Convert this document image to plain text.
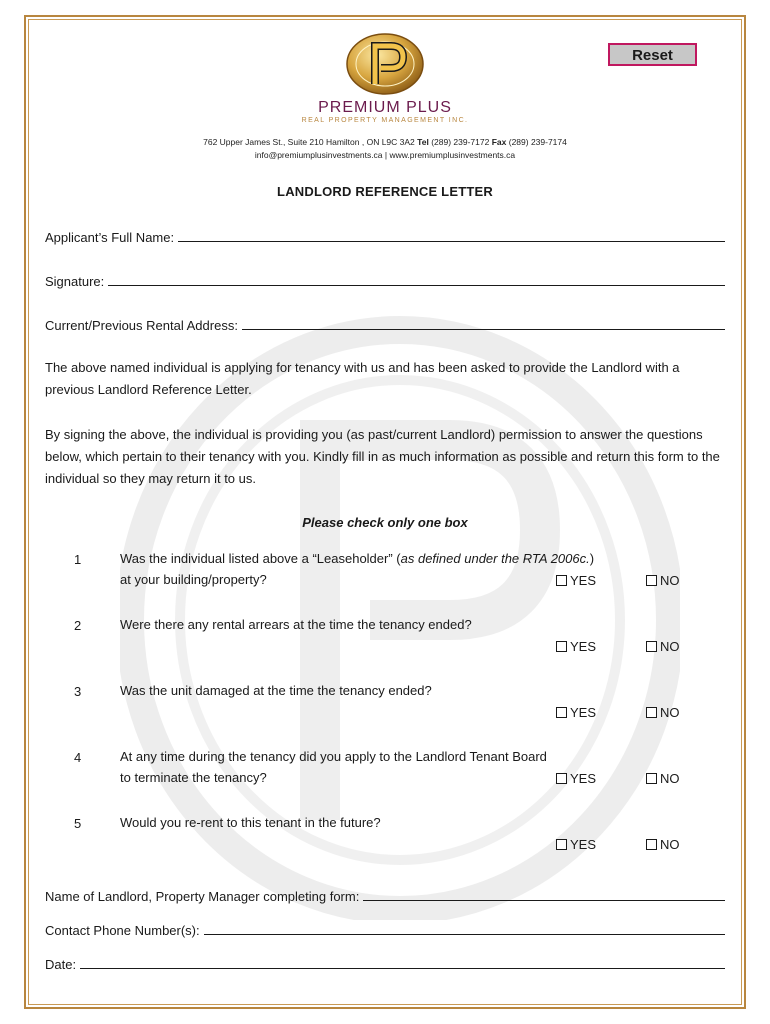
Reset
PREMIUM PLUS
REAL PROPERTY MANAGEMENT INC.
762 Upper James St., Suite 210 Hamilton , ON L9C 3A2 Tel (289) 239-7172 Fax (289) 239-7174
info@premiumplusinvestments.ca | www.premiumplusinvestments.ca
LANDLORD REFERENCE LETTER
Applicant’s Full Name:
Signature:
Current/Previous Rental Address:
The above named individual is applying for tenancy with us and has been asked to provide the Landlord with a previous Landlord Reference Letter.
By signing the above, the individual is providing you (as past/current Landlord) permission to answer the questions below, which pertain to their tenancy with you. Kindly fill in as much information as possible and return this form to the individual so they may return it to us.
Please check only one box
1	Was the individual listed above a “Leaseholder” (as defined under the RTA 2006c.)
at your building/property?	YES	NO
2	Were there any rental arrears at the time the tenancy ended?
YES	NO
3	Was the unit damaged at the time the tenancy ended?
YES	NO
4	At any time during the tenancy did you apply to the Landlord Tenant Board
to terminate the tenancy?	YES	NO
5	Would you re-rent to this tenant in the future?
YES	NO
Name of Landlord, Property Manager completing form:
Contact Phone Number(s):
Date:
